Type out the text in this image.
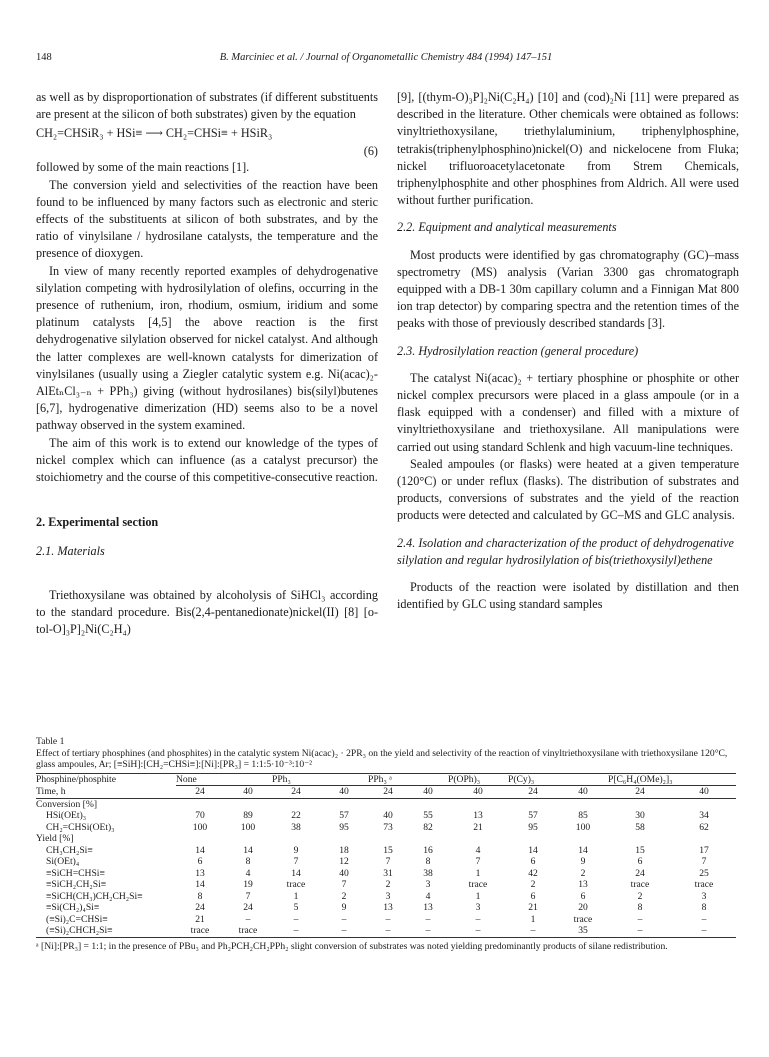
148	B. Marciniec et al. / Journal of Organometallic Chemistry 484 (1994) 147–151

as well as by disproportionation of substrates (if different substituents are present at the silicon of both substrates) given by the equation

CH₂=CHSiR₃ + HSi≡ ⟶ CH₂=CHSi≡ + HSiR₃
(6)

followed by some of the main reactions [1].

The conversion yield and selectivities of the reaction have been found to be influenced by many factors such as electronic and steric effects of the substituents at silicon of both substrates, and by the ratio of vinylsilane / hydrosilane catalysts, the temperature and the presence of dioxygen.

In view of many recently reported examples of dehydrogenative silylation competing with hydrosilylation of olefins, occurring in the presence of ruthenium, iron, rhodium, osmium, iridium and some platinum catalysts [4,5] the above reaction is the first dehydrogenative silylation observed for nickel catalyst. And although the latter complexes are well-known catalysts for dimerization of vinylsilanes (usually using a Ziegler catalytic system e.g. Ni(acac)₂-AlEtₙCl₃₋ₙ + PPh₃) giving (without hydrosilanes) bis(silyl)butenes [6,7], hydrogenative dimerization (HD) seems also to be a novel pathway observed in the system examined.

The aim of this work is to extend our knowledge of the types of nickel complex which can influence (as a catalyst precursor) the stoichiometry and the course of this competitive-consecutive reaction.

2. Experimental section
2.1. Materials

Triethoxysilane was obtained by alcoholysis of SiHCl₃ according to the standard procedure. Bis(2,4-pentanedionate)nickel(II) [8] [o-tol-O]₃P]₂Ni(C₂H₄)

[9], [(thym-O)₃P]₂Ni(C₂H₄) [10] and (cod)₂Ni [11] were prepared as described in the literature. Other chemicals were obtained as follows: vinyltriethoxysilane, triethylaluminium, triphenylphosphine, tetrakis(triphenylphosphino)nickel(O) and nickelocene from Fluka; nickel trifluoroacetylacetonate from Strem Chemicals, triphenylphosphite and other phosphines from Aldrich. All were used without further purification.

2.2. Equipment and analytical measurements

Most products were identified by gas chromatography (GC)–mass spectrometry (MS) analysis (Varian 3300 gas chromatograph equipped with a DB-1 30m capillary column and a Finnigan Mat 800 ion trap detector) by comparing spectra and the retention times of the peaks with those of previously described standards [3].

2.3. Hydrosilylation reaction (general procedure)

The catalyst Ni(acac)₂ + tertiary phosphine or phosphite or other nickel complex precursors were placed in a glass ampoule (or in a flask equipped with a condenser) and filled with a mixture of vinyltriethoxysilane and triethoxysilane. All manipulations were carried out using standard Schlenk and high vacuum-line techniques.

Sealed ampoules (or flasks) were heated at a given temperature (120°C) or under reflux (flasks). The distribution of substrates and products, conversions of substrates and the yield of the reaction products were detected and calculated by GC–MS and GLC analysis.

2.4. Isolation and characterization of the product of dehydrogenative silylation and regular hydrosilylation of bis(triethoxysilyl)ethene

Products of the reaction were isolated by distillation and then identified by GLC using standard samples

Table 1

Effect of tertiary phosphines (and phosphites) in the catalytic system Ni(acac)₂ · 2PR₃ on the yield and selectivity of the reaction of vinyltriethoxysilane with triethoxysilane 120°C, glass ampoules, Ar; [≡SiH]:[CH₂=CHSi≡]:[Ni]:[PR₃] = 1:1:5·10⁻³:10⁻²

Phosphine/phosphite	None		PPh₃		PPh₃ ᵃ		P(OPh)₃	P(Cy)₃		P[C₆H₄(OMe)₂]₃	
Time, h	24	40	24	40	24	40	40	24	40	24	40
Conversion [%]											
HSi(OEt)₃	70	89	22	57	40	55	13	57	85	30	34
CH₂=CHSi(OEt)₃	100	100	38	95	73	82	21	95	100	58	62
Yield [%]											
CH₃CH₂Si≡	14	14	9	18	15	16	4	14	14	15	17
Si(OEt)₄	6	8	7	12	7	8	7	6	9	6	7
≡SiCH=CHSi≡	13	4	14	40	31	38	1	42	2	24	25
≡SiCH₂CH₂Si≡	14	19	trace	7	2	3	trace	2	13	trace	trace
≡SiCH(CH₃)CH₂CH₂Si≡	8	7	1	2	3	4	1	6	6	2	3
≡Si(CH₂)₄Si≡	24	24	5	9	13	13	3	21	20	8	8
(≡Si)₂C=CHSi≡	21	–	–	–	–	–	–	1	trace	–	–
(≡Si)₂CHCH₂Si≡	trace	trace	–	–	–	–	–	–	35	–	–

ᵃ [Ni]:[PR₃] = 1:1; in the presence of PBu₃ and Ph₂PCH₂CH₂PPh₂ slight conversion of substrates was noted yielding predominantly products of silane redistribution.
